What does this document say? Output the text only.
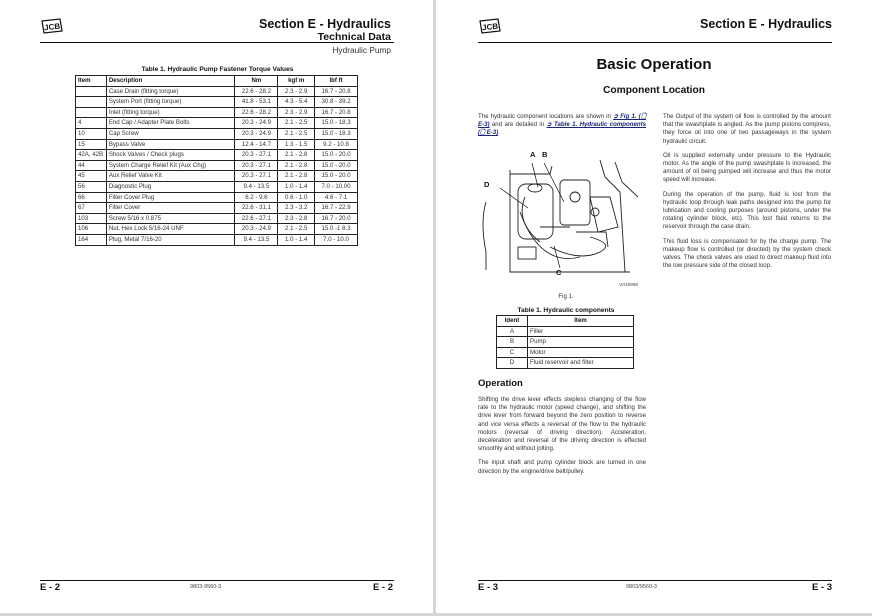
JCB	Section E - Hydraulics
Technical Data
Hydraulic Pump
Table 1. Hydraulic Pump Fastener Torque Values
Item	Description	Nm	kgf m	lbf ft
	Case Drain (fitting torque)	22.6 - 28.2	2.3 - 2.9	16.7 - 20.8
	System Port (fitting torque)	41.8 - 53.1	4.3 - 5.4	30.8 - 39.2
	Inlet (fitting torque)	22.6 - 28.2	2.3 - 2.9	16.7 - 20.8
4	End Cap / Adapter Plate Bolts	20.3 - 24.9	2.1 - 2.5	15.0 - 18.3
10	Cap Screw	20.3 - 24.9	2.1 - 2.5	15.0 - 18.3
15	Bypass Valve	12.4 - 14.7	1.3 - 1.5	9.2 - 10.8
42A, 42B	Shock Valves / Check plugs	20.3 - 27.1	2.1 - 2.8	15.0 - 20.0
44	System Charge Relief Kit (Aux Chg)	20.3 - 27.1	2.1 - 2.8	15.0 - 20.0
45	Aux Relief Valve Kit	20.3 - 27.1	2.1 - 2.8	15.0 - 20.0
56	Diagnostic Plug	9.4 - 13.5	1.0 - 1.4	7.0 - 10.00
66	Filter Cover Plug	6.2 - 9.6	0.6 - 1.0	4.6 - 7.1
67	Filter Cover	22.6 - 31.1	2.3 - 3.2	16.7 - 22.9
103	Screw 5/16 x 0.875	22.6 - 27.1	2.3 - 2.8	16.7 - 20.0
106	Nut, Hex Lock 5/16-24 UNF	20.3 - 24.9	2.1 - 2.5	15.0 -1 8.3
164	Plug, Metal 7/16-20	9.4 - 13.5	1.0 - 1.4	7.0 - 10.0
E - 2	9803-9560-3	E - 2
JCB	Section E - Hydraulics
Basic Operation
Component Location
The hydraulic component locations are shown in ➲ Fig 1. (🗋 E-3) and are detailed in ➲ Table 1. Hydraulic components (🗋 E-3).
A B
C
D
V015990
Fig 1.
Table 1. Hydraulic components
Ident	Item
A	Filler
B	Pump
C	Motor
D	Fluid reservoir and filter
Operation

Shifting the drive lever effects stepless changing of the flow rate to the hydraulic motor (speed change), and shifting the drive lever from forward beyond the zero position to reverse and vice versa effects a reversal of the flow to the hydraulic motors (reversal of driving direction). Acceleration, deceleration and reversal of the driving direction is effected smoothly and without jolting.

The input shaft and pump cylinder block are turned in one direction by the engine/drive belt/pulley.

The Output of the system oil flow is controlled by the amount that the swashplate is angled. As the pump pistons compress, they force oil into one of two passageways in the system hydraulic circuit.

Oil is supplied externally under pressure to the Hydraulic motor. As the angle of the pump swashplate is increased, the amount of oil being pumped will increase and thus the motor speed will increase.

During the operation of the pump, fluid is lost from the hydraulic loop through leak paths designed into the pump for lubrication and cooling purposes (around pistons, under the rotating cylinder block, etc). This lost fluid returns to the reservoir through the case drain.

This fluid loss is compensated for by the charge pump. The makeup flow is controlled (or directed) by the system check valves. The check valves are used to direct makeup fluid into the low pressure side of the closed loop.

E - 3	9803/9560-3	E - 3
